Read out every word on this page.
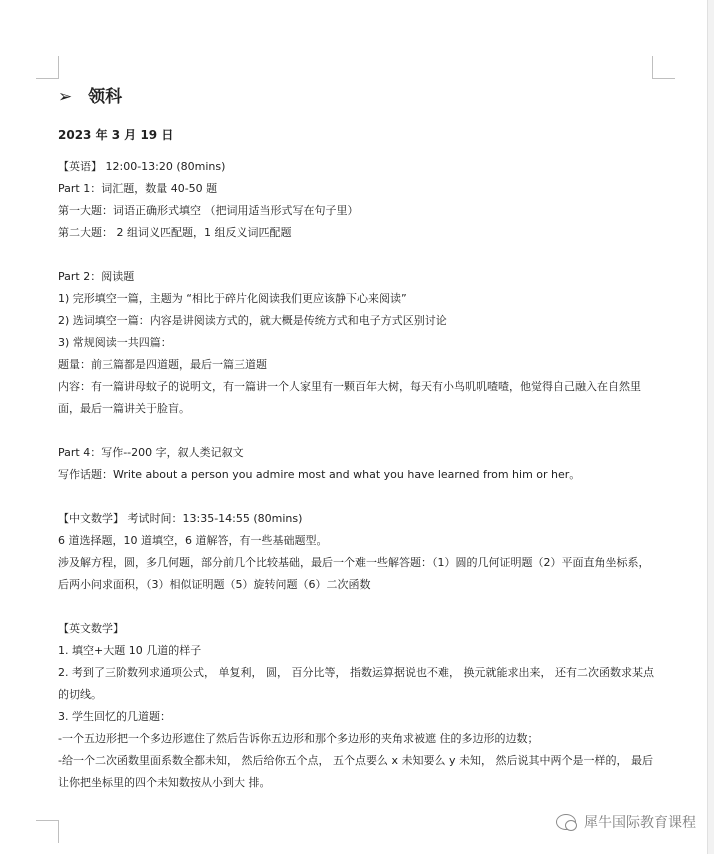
➢ 领科
2023 年 3 月 19 日
【英语】 12:00-13:20 (80mins)
Part 1：词汇题，数量 40-50 题
第一大题：词语正确形式填空 （把词用适当形式写在句子里）
第二大题： 2 组词义匹配题，1 组反义词匹配题
Part 2：阅读题
1) 完形填空一篇，主题为 “相比于碎片化阅读我们更应该静下心来阅读”
2) 选词填空一篇：内容是讲阅读方式的，就大概是传统方式和电子方式区别讨论
3) 常规阅读一共四篇：
题量：前三篇都是四道题，最后一篇三道题
内容：有一篇讲母蚊子的说明文，有一篇讲一个人家里有一颗百年大树，每天有小鸟叽叽喳喳，他觉得自己融入在自然里面，最后一篇讲关于脸盲。
Part 4：写作--200 字，叙人类记叙文
写作话题：Write about a person you admire most and what you have learned from him or her。
【中文数学】 考试时间：13:35-14:55 (80mins)
6 道选择题，10 道填空，6 道解答，有一些基础题型。
涉及解方程，圆，多几何题，部分前几个比较基础，最后一个难一些解答题：（1）圆的几何证明题（2）平面直角坐标系，后两小问求面积，（3）相似证明题（5）旋转问题（6）二次函数
【英文数学】
1. 填空+大题 10 几道的样子
2. 考到了三阶数列求通项公式， 单复利， 圆， 百分比等， 指数运算据说也不难， 换元就能求出来， 还有二次函数求某点的切线。
3. 学生回忆的几道题：
-一个五边形把一个多边形遮住了然后告诉你五边形和那个多边形的夹角求被遮 住的多边形的边数；
-给一个二次函数里面系数全都未知， 然后给你五个点， 五个点要么 x 未知要么 y 未知， 然后说其中两个是一样的， 最后让你把坐标里的四个未知数按从小到大 排。
犀牛国际教育课程
